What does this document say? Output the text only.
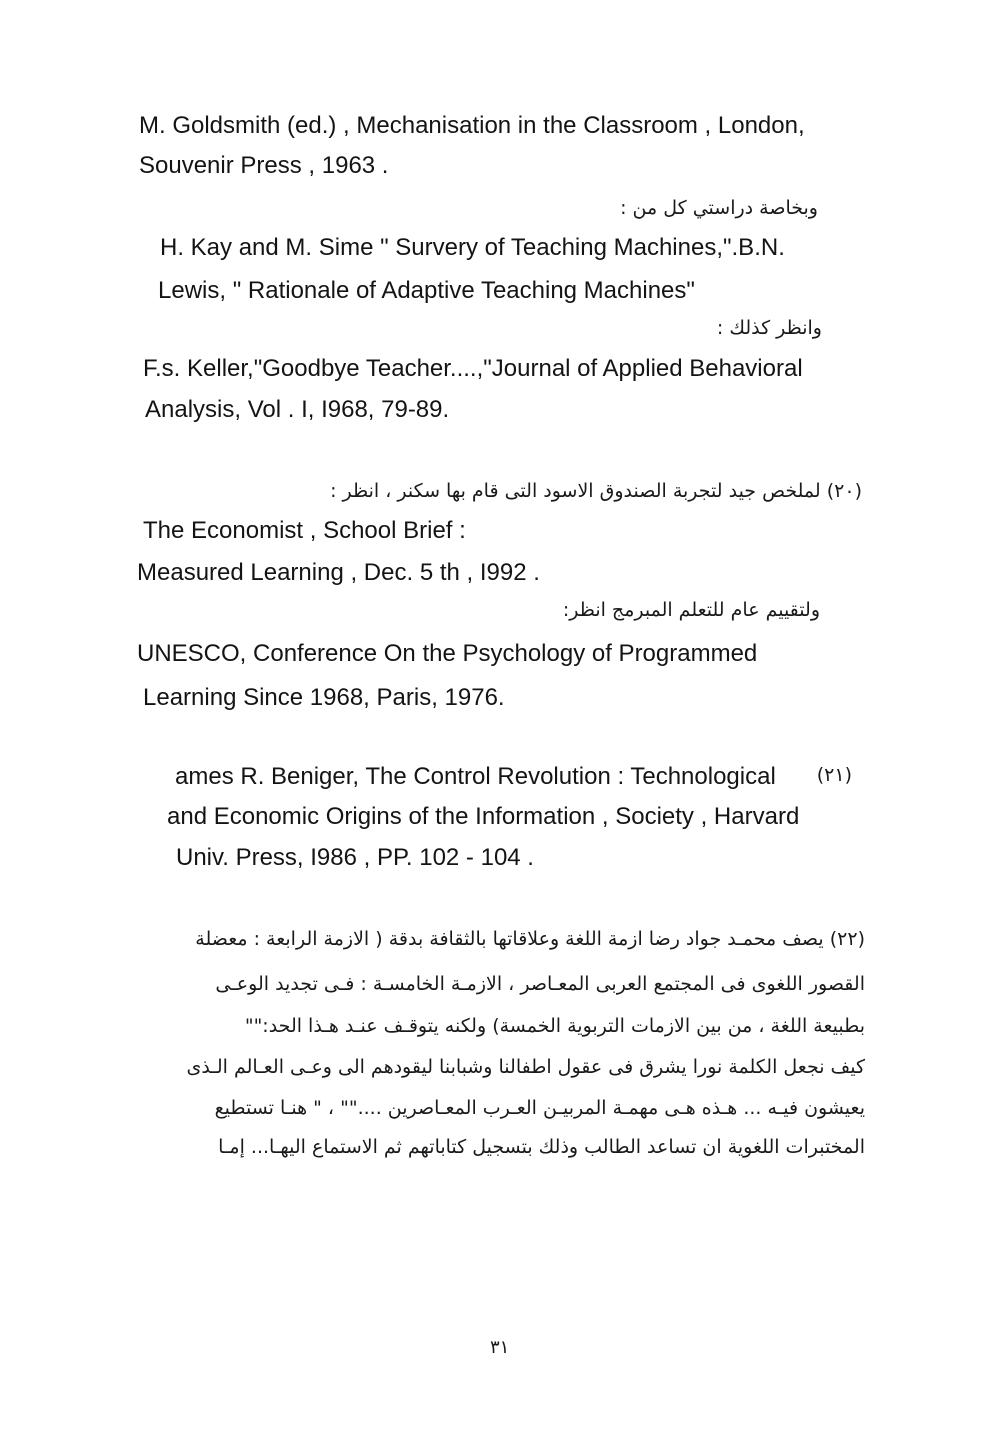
M. Goldsmith (ed.) , Mechanisation in the Classroom , London,
Souvenir Press , 1963 .
وبخاصة دراستي كل من :
H. Kay and M. Sime " Survery of Teaching Machines,".B.N.
Lewis, " Rationale of Adaptive Teaching Machines"
وانظر كذلك :
F.s. Keller,"Goodbye Teacher....,"Journal of Applied Behavioral
Analysis, Vol . I, I968, 79-89.
(٢٠) لملخص جيد لتجربة الصندوق الاسود التى قام بها سكنر ، انظر :
The Economist , School Brief :
Measured Learning , Dec. 5 th , I992 .
ولتقييم عام للتعلم المبرمج انظر:
UNESCO, Conference On the Psychology of Programmed
Learning Since 1968, Paris, 1976.
(٢١)
ames R. Beniger, The Control Revolution : Technological
and Economic Origins of the Information , Society , Harvard
Univ. Press, I986 , PP. 102 - 104 .
(٢٢) يصف محمـد جواد رضا ازمة اللغة وعلاقاتها بالثقافة بدقة ( الازمة الرابعة : معضلة
القصور اللغوى فى المجتمع العربى المعـاصر ، الازمـة الخامسـة : فـى تجديد الوعـى
بطبيعة اللغة ، من بين الازمات التربوية الخمسة) ولكنه يتوقـف عنـد هـذا الحد:""
كيف نجعل الكلمة نورا يشرق فى عقول اطفالنا وشبابنا ليقودهم الى وعـى العـالم الـذى
يعيشون فيـه ... هـذه هـى مهمـة المربيـن العـرب المعـاصرين ...."" ، " هنـا تستطيع
المختبرات اللغوية ان تساعد الطالب وذلك بتسجيل كتاباتهم ثم الاستماع اليهـا... إمـا
٣١
